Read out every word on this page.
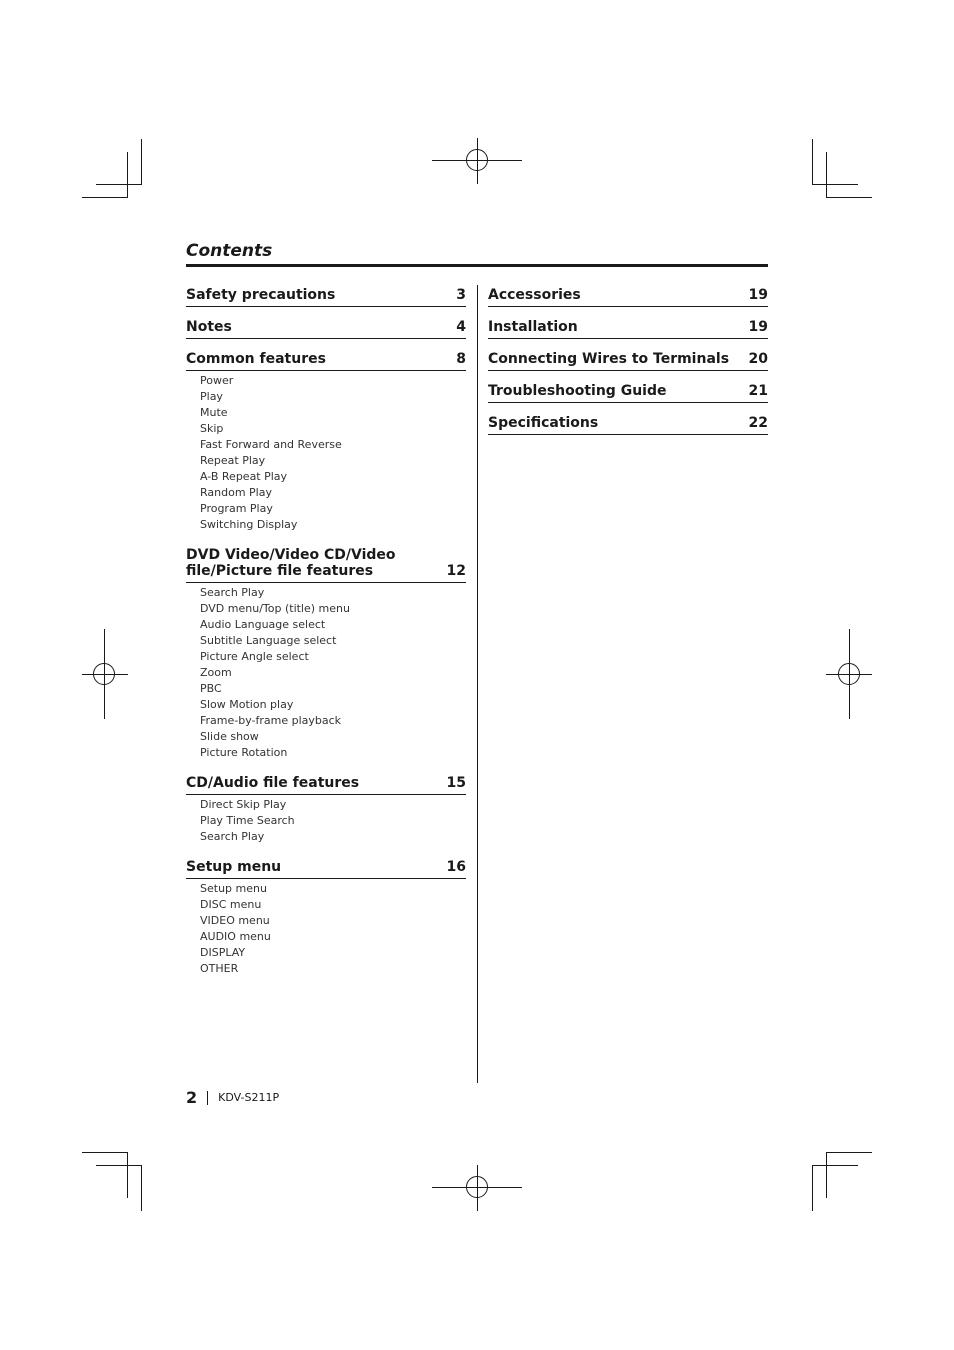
Contents
Safety precautions	3
Notes	4
Common features	8
Power
Play
Mute
Skip
Fast Forward and Reverse
Repeat Play
A-B Repeat Play
Random Play
Program Play
Switching Display
DVD Video/Video CD/Video file/Picture file features	12
Search Play
DVD menu/Top (title) menu
Audio Language select
Subtitle Language select
Picture Angle select
Zoom
PBC
Slow Motion play
Frame-by-frame playback
Slide show
Picture Rotation
CD/Audio file features	15
Direct Skip Play
Play Time Search
Search Play
Setup menu	16
Setup menu
DISC menu
VIDEO menu
AUDIO menu
DISPLAY
OTHER
Accessories	19
Installation	19
Connecting Wires to Terminals	20
Troubleshooting Guide	21
Specifications	22
2 KDV-S211P
